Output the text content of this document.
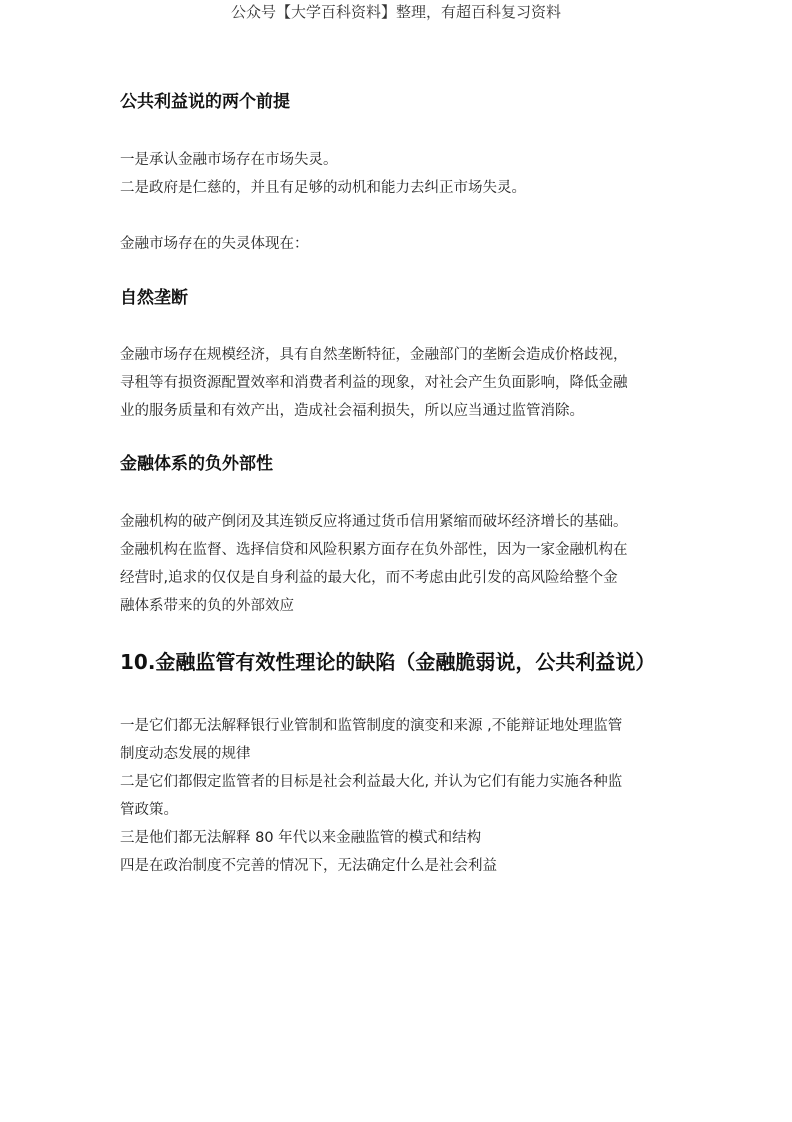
公众号【大学百科资料】整理，有超百科复习资料
公共利益说的两个前提
一是承认金融市场存在市场失灵。
二是政府是仁慈的，并且有足够的动机和能力去纠正市场失灵。
金融市场存在的失灵体现在：
自然垄断
金融市场存在规模经济，具有自然垄断特征，金融部门的垄断会造成价格歧视，
寻租等有损资源配置效率和消费者利益的现象，对社会产生负面影响，降低金融
业的服务质量和有效产出，造成社会福利损失，所以应当通过监管消除。
金融体系的负外部性
金融机构的破产倒闭及其连锁反应将通过货币信用紧缩而破坏经济增长的基础。
金融机构在监督、选择信贷和风险积累方面存在负外部性，因为一家金融机构在
经营时,追求的仅仅是自身利益的最大化，而不考虑由此引发的高风险给整个金
融体系带来的负的外部效应
10.金融监管有效性理论的缺陷（金融脆弱说，公共利益说）
一是它们都无法解释银行业管制和监管制度的演变和来源 ,不能辩证地处理监管
制度动态发展的规律
二是它们都假定监管者的目标是社会利益最大化, 并认为它们有能力实施各种监
管政策。
三是他们都无法解释 80 年代以来金融监管的模式和结构
四是在政治制度不完善的情况下，无法确定什么是社会利益
